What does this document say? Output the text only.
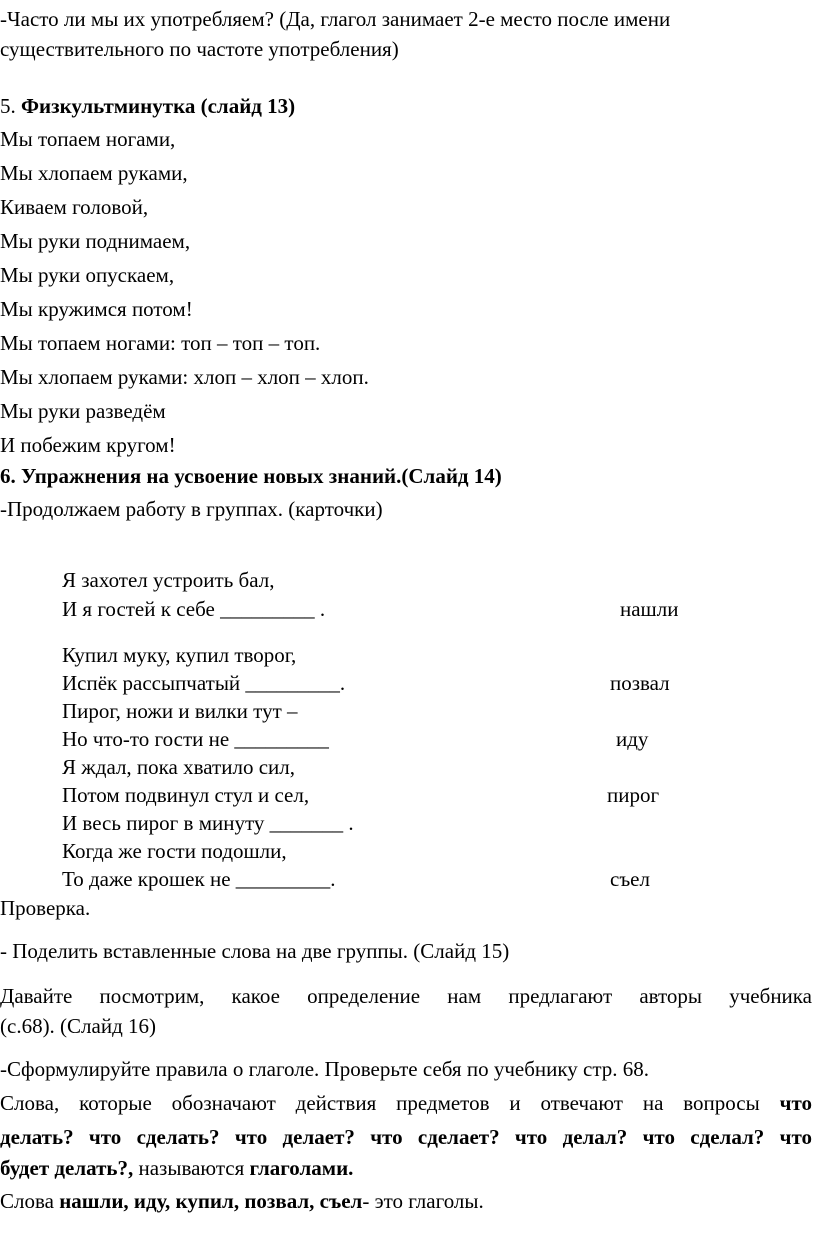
-Часто ли мы их употребляем? (Да, глагол занимает 2-е место после имени
существительного по частоте употребления)
5. Физкультминутка (слайд 13)
Мы топаем ногами,
Мы хлопаем руками,
Киваем головой,
Мы руки поднимаем,
Мы руки опускаем,
Мы кружимся потом!
Мы топаем ногами: топ – топ – топ.
Мы хлопаем руками: хлоп – хлоп – хлоп.
Мы руки разведём
И побежим кругом!
6. Упражнения на усвоение новых знаний.(Слайд 14)
-Продолжаем работу в группах. (карточки)
Я захотел устроить бал,
И я гостей к себе _________ .
Купил муку, купил творог,
Испёк рассыпчатый _________.
Пирог, ножи и вилки тут –
Но что-то гости не _________
Я ждал, пока хватило сил,
Потом подвинул стул и сел,
И весь пирог в минуту _______ .
Когда же гости подошли,
То даже крошек не _________.
нашли
позвал
иду
пирог
съел
Проверка.
- Поделить вставленные слова на две группы. (Слайд 15)
Давайте посмотрим, какое определение нам предлагают авторы учебника
(с.68). (Слайд 16)
-Сформулируйте правила о глаголе. Проверьте себя по учебнику стр. 68.
Слова, которые обозначают действия предметов и отвечают на вопросы что
делать? что сделать? что делает? что сделает? что делал? что сделал? что
будет делать?, называются глаголами.
Слова нашли, иду, купил, позвал, съел- это глаголы.
